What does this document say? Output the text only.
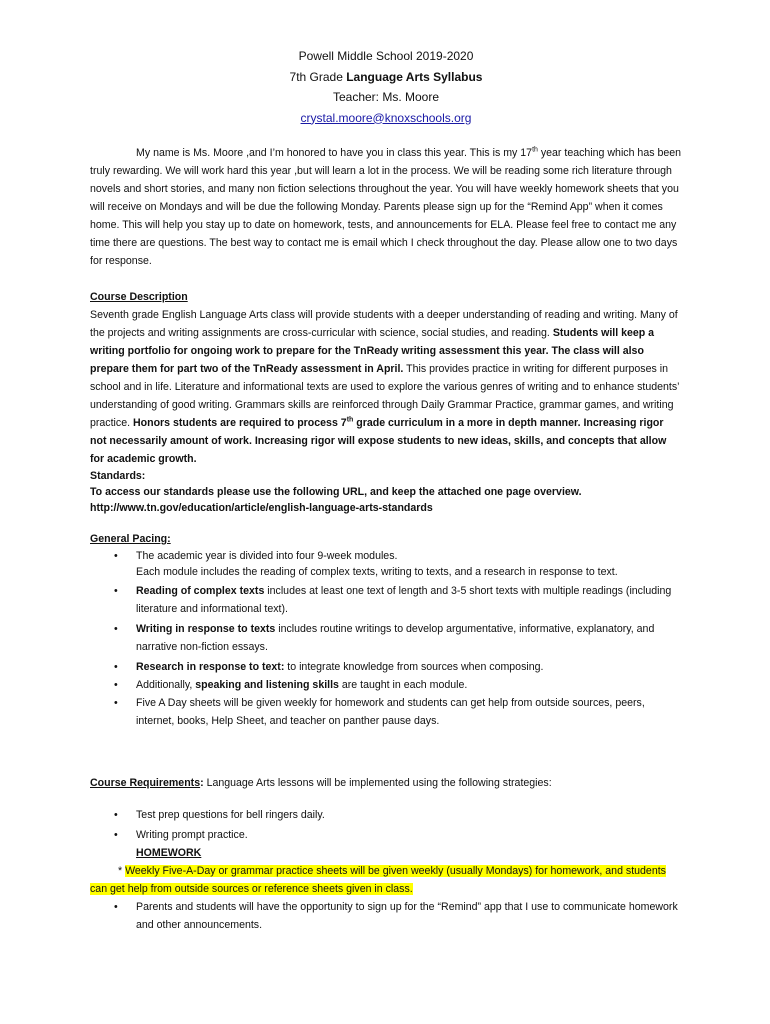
Powell Middle School 2019-2020
7th Grade Language Arts Syllabus
Teacher: Ms. Moore
crystal.moore@knoxschools.org

My name is Ms. Moore ,and I’m honored to have you in class this year. This is my 17th year teaching which has been truly rewarding. We will work hard this year ,but will learn a lot in the process. We will be reading some rich literature through novels and short stories, and many non fiction selections throughout the year. You will have weekly homework sheets that you will receive on Mondays and will be due the following Monday. Parents please sign up for the “Remind App” when it comes home. This will help you stay up to date on homework, tests, and announcements for ELA. Please feel free to contact me any time there are questions. The best way to contact me is email which I check throughout the day. Please allow one to two days for response.

Course Description

Seventh grade English Language Arts class will provide students with a deeper understanding of reading and writing. Many of the projects and writing assignments are cross-curricular with science, social studies, and reading. Students will keep a writing portfolio for ongoing work to prepare for the TnReady writing assessment this year. The class will also prepare them for part two of the TnReady assessment in April. This provides practice in writing for different purposes in school and in life. Literature and informational texts are used to explore the various genres of writing and to enhance students’ understanding of good writing. Grammars skills are reinforced through Daily Grammar Practice, grammar games, and writing practice. Honors students are required to process 7th grade curriculum in a more in depth manner. Increasing rigor not necessarily amount of work. Increasing rigor will expose students to new ideas, skills, and concepts that allow for academic growth.

Standards:
To access our standards please use the following URL, and keep the attached one page overview.
http://www.tn.gov/education/article/english-language-arts-standards
General Pacing:
• The academic year is divided into four 9-week modules.
Each module includes the reading of complex texts, writing to texts, and a research in response to text.
• Reading of complex texts includes at least one text of length and 3-5 short texts with multiple readings (including literature and informational text).
• Writing in response to texts includes routine writings to develop argumentative, informative, explanatory, and narrative non-fiction essays.
• Research in response to text: to integrate knowledge from sources when composing.
• Additionally, speaking and listening skills are taught in each module.
• Five A Day sheets will be given weekly for homework and students can get help from outside sources, peers, internet, books, Help Sheet, and teacher on panther pause days.
Course Requirements: Language Arts lessons will be implemented using the following strategies:
• Test prep questions for bell ringers daily.
• Writing prompt practice.
HOMEWORK

* Weekly Five-A-Day or grammar practice sheets will be given weekly (usually Mondays) for homework, and students can get help from outside sources or reference sheets given in class.

• Parents and students will have the opportunity to sign up for the “Remind” app that I use to communicate homework and other announcements.
